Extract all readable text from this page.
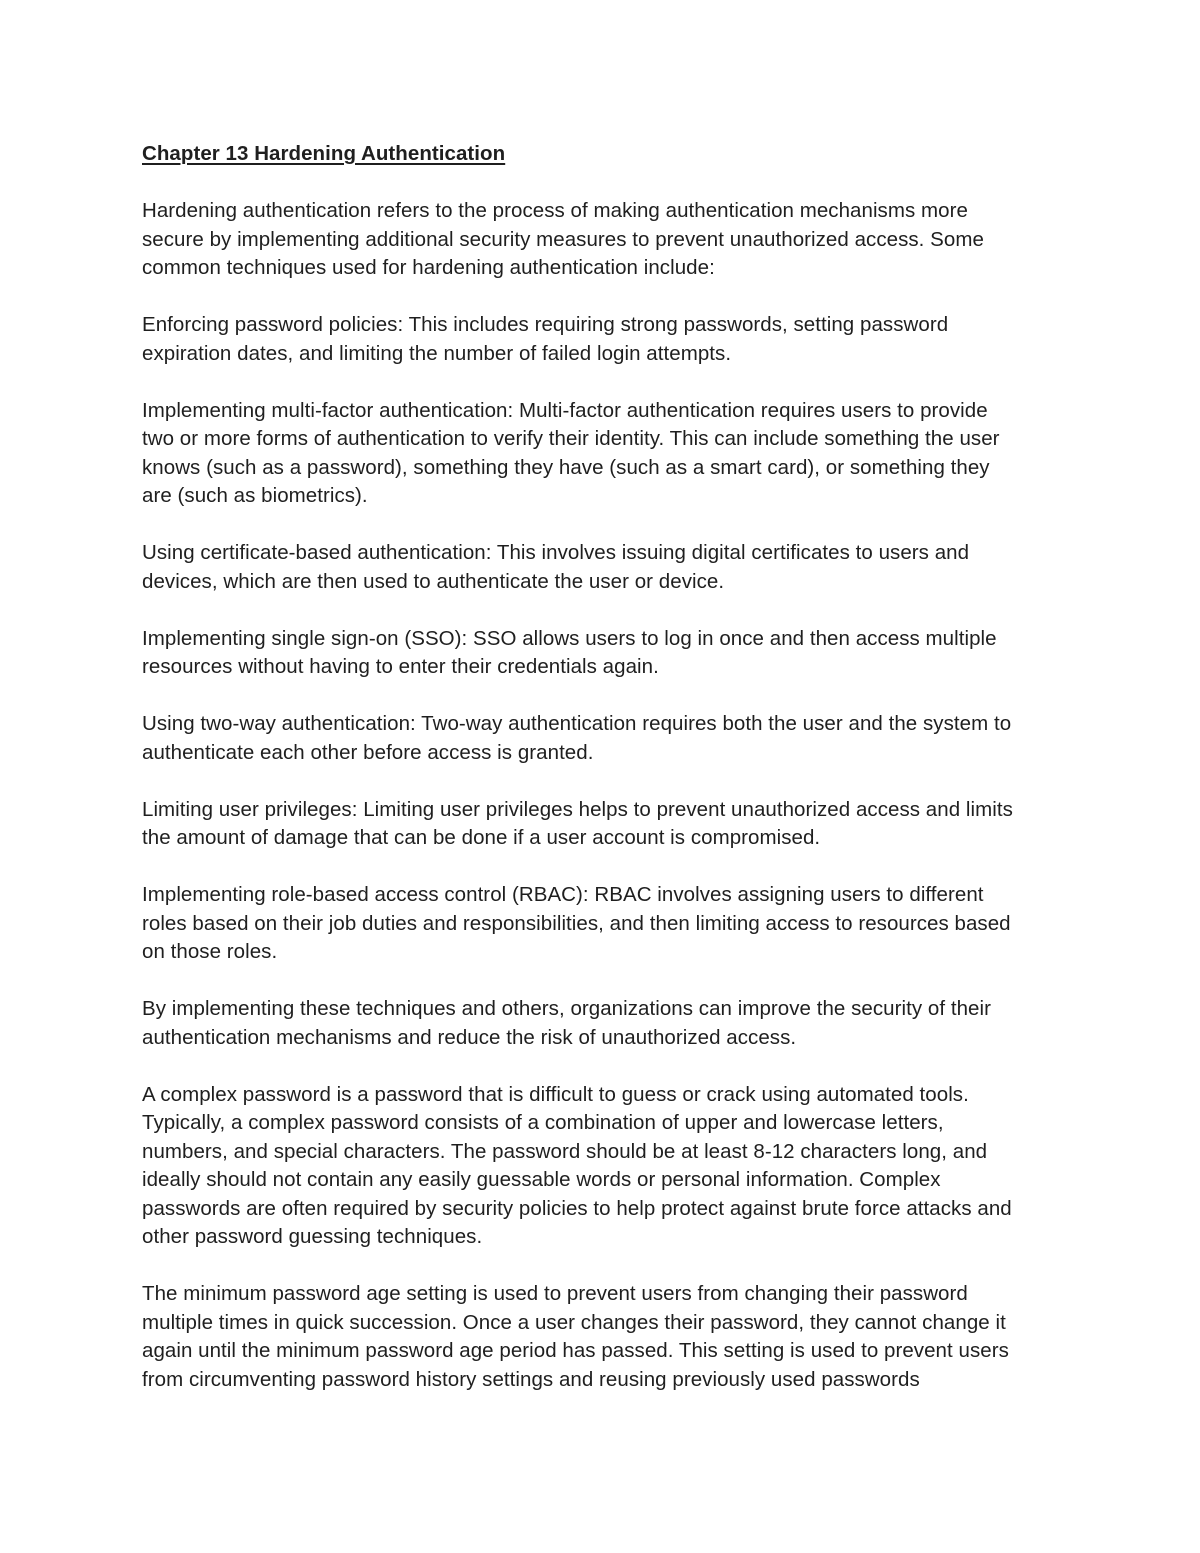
Chapter 13 Hardening Authentication
Hardening authentication refers to the process of making authentication mechanisms more
secure by implementing additional security measures to prevent unauthorized access. Some
common techniques used for hardening authentication include:
Enforcing password policies: This includes requiring strong passwords, setting password
expiration dates, and limiting the number of failed login attempts.
Implementing multi-factor authentication: Multi-factor authentication requires users to provide
two or more forms of authentication to verify their identity. This can include something the user
knows (such as a password), something they have (such as a smart card), or something they
are (such as biometrics).
Using certificate-based authentication: This involves issuing digital certificates to users and
devices, which are then used to authenticate the user or device.
Implementing single sign-on (SSO): SSO allows users to log in once and then access multiple
resources without having to enter their credentials again.
Using two-way authentication: Two-way authentication requires both the user and the system to
authenticate each other before access is granted.
Limiting user privileges: Limiting user privileges helps to prevent unauthorized access and limits
the amount of damage that can be done if a user account is compromised.
Implementing role-based access control (RBAC): RBAC involves assigning users to different
roles based on their job duties and responsibilities, and then limiting access to resources based
on those roles.
By implementing these techniques and others, organizations can improve the security of their
authentication mechanisms and reduce the risk of unauthorized access.
A complex password is a password that is difficult to guess or crack using automated tools.
Typically, a complex password consists of a combination of upper and lowercase letters,
numbers, and special characters. The password should be at least 8-12 characters long, and
ideally should not contain any easily guessable words or personal information. Complex
passwords are often required by security policies to help protect against brute force attacks and
other password guessing techniques.
The minimum password age setting is used to prevent users from changing their password
multiple times in quick succession. Once a user changes their password, they cannot change it
again until the minimum password age period has passed. This setting is used to prevent users
from circumventing password history settings and reusing previously used passwords
